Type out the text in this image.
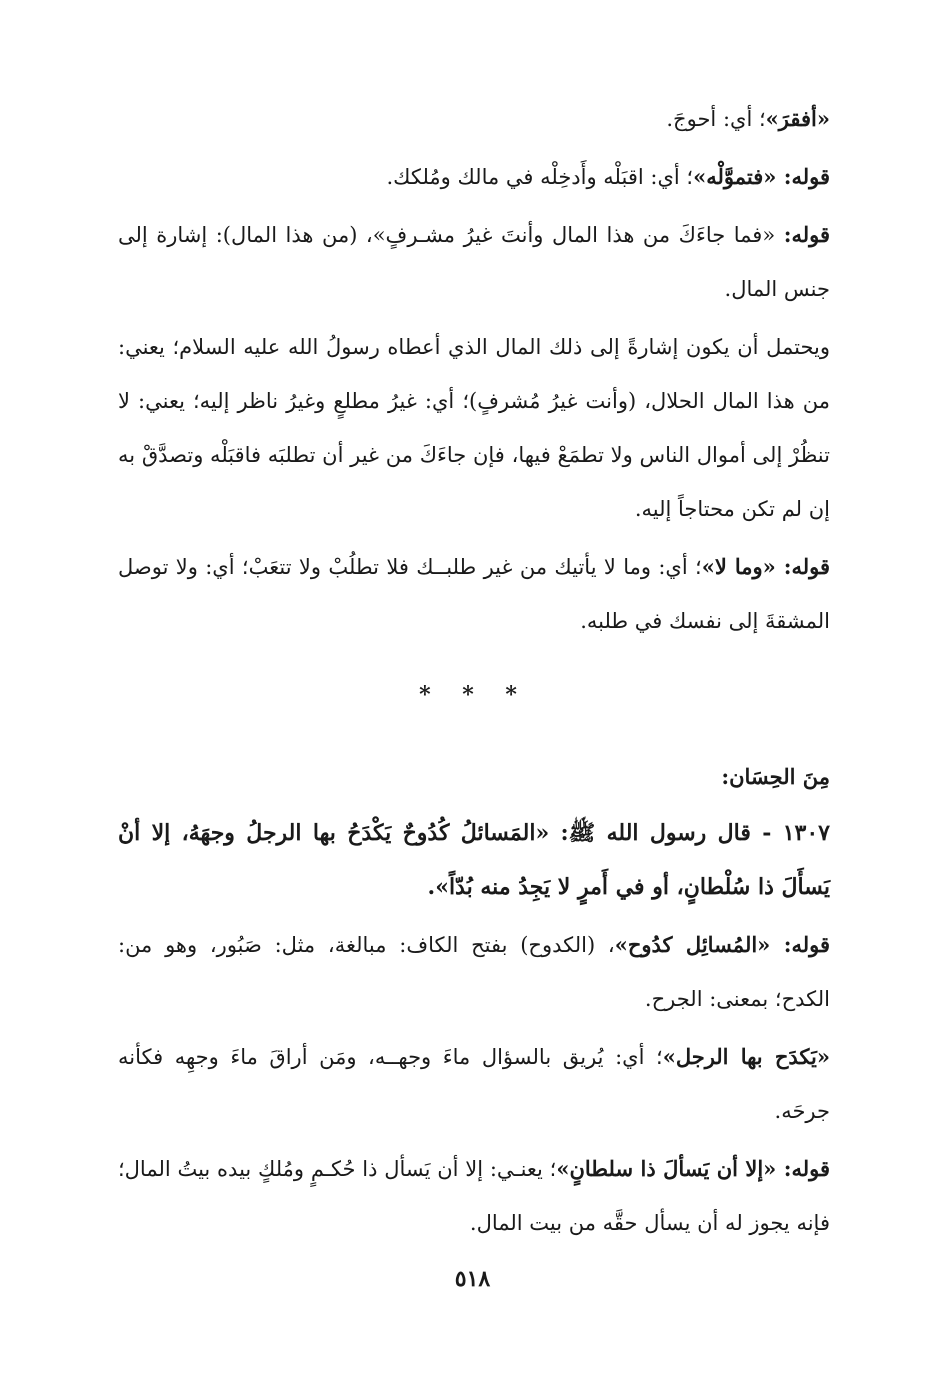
«أفقرَ»؛ أي: أحوجَ.

قوله: «فتموَّلْه»؛ أي: اقبَلْه وأَدخِلْه في مالك ومُلكك.

قوله: «فما جاءَكَ من هذا المال وأنتَ غيرُ مشـرفٍ»، (من هذا المال): إشارة إلى جنس المال.

ويحتمل أن يكون إشارةً إلى ذلك المال الذي أعطاه رسولُ الله عليه السلام؛ يعني: من هذا المال الحلال، (وأنت غيرُ مُشرفٍ)؛ أي: غيرُ مطلعٍ وغيرُ ناظر إليه؛ يعني: لا تنظُرْ إلى أموال الناس ولا تطمَعْ فيها، فإن جاءَكَ من غير أن تطلبَه فاقبَلْه وتصدَّقْ به إن لم تكن محتاجاً إليه.

قوله: «وما لا»؛ أي: وما لا يأتيك من غير طلبــك فلا تطلُبْ ولا تتعَبْ؛ أي: ولا توصل المشقةَ إلى نفسك في طلبه.

* * *

مِنَ الحِسَان:

١٣٠٧ - قال رسول الله ﷺ: «المَسائلُ كُدُوحٌ يَكْدَحُ بها الرجلُ وجهَهُ، إلا أنْ يَسأَلَ ذا سُلْطانٍ، أو في أَمرٍ لا يَجِدُ منه بُدّاً».

قوله: «المُسائِل كدُوح»، (الكدوح) بفتح الكاف: مبالغة، مثل: صَبُور، وهو من: الكدح؛ بمعنى: الجرح.

«يَكدَح بها الرجل»؛ أي: يُريق بالسؤال ماءَ وجهــه، ومَن أراقَ ماءَ وجهِه فكأنه جرحَه.

قوله: «إلا أن يَسألَ ذا سلطانٍ»؛ يعنـي: إلا أن يَسأل ذا حُكـمٍ ومُلكٍ بيده بيتُ المال؛ فإنه يجوز له أن يسأل حقَّه من بيت المال.

٥١٨
